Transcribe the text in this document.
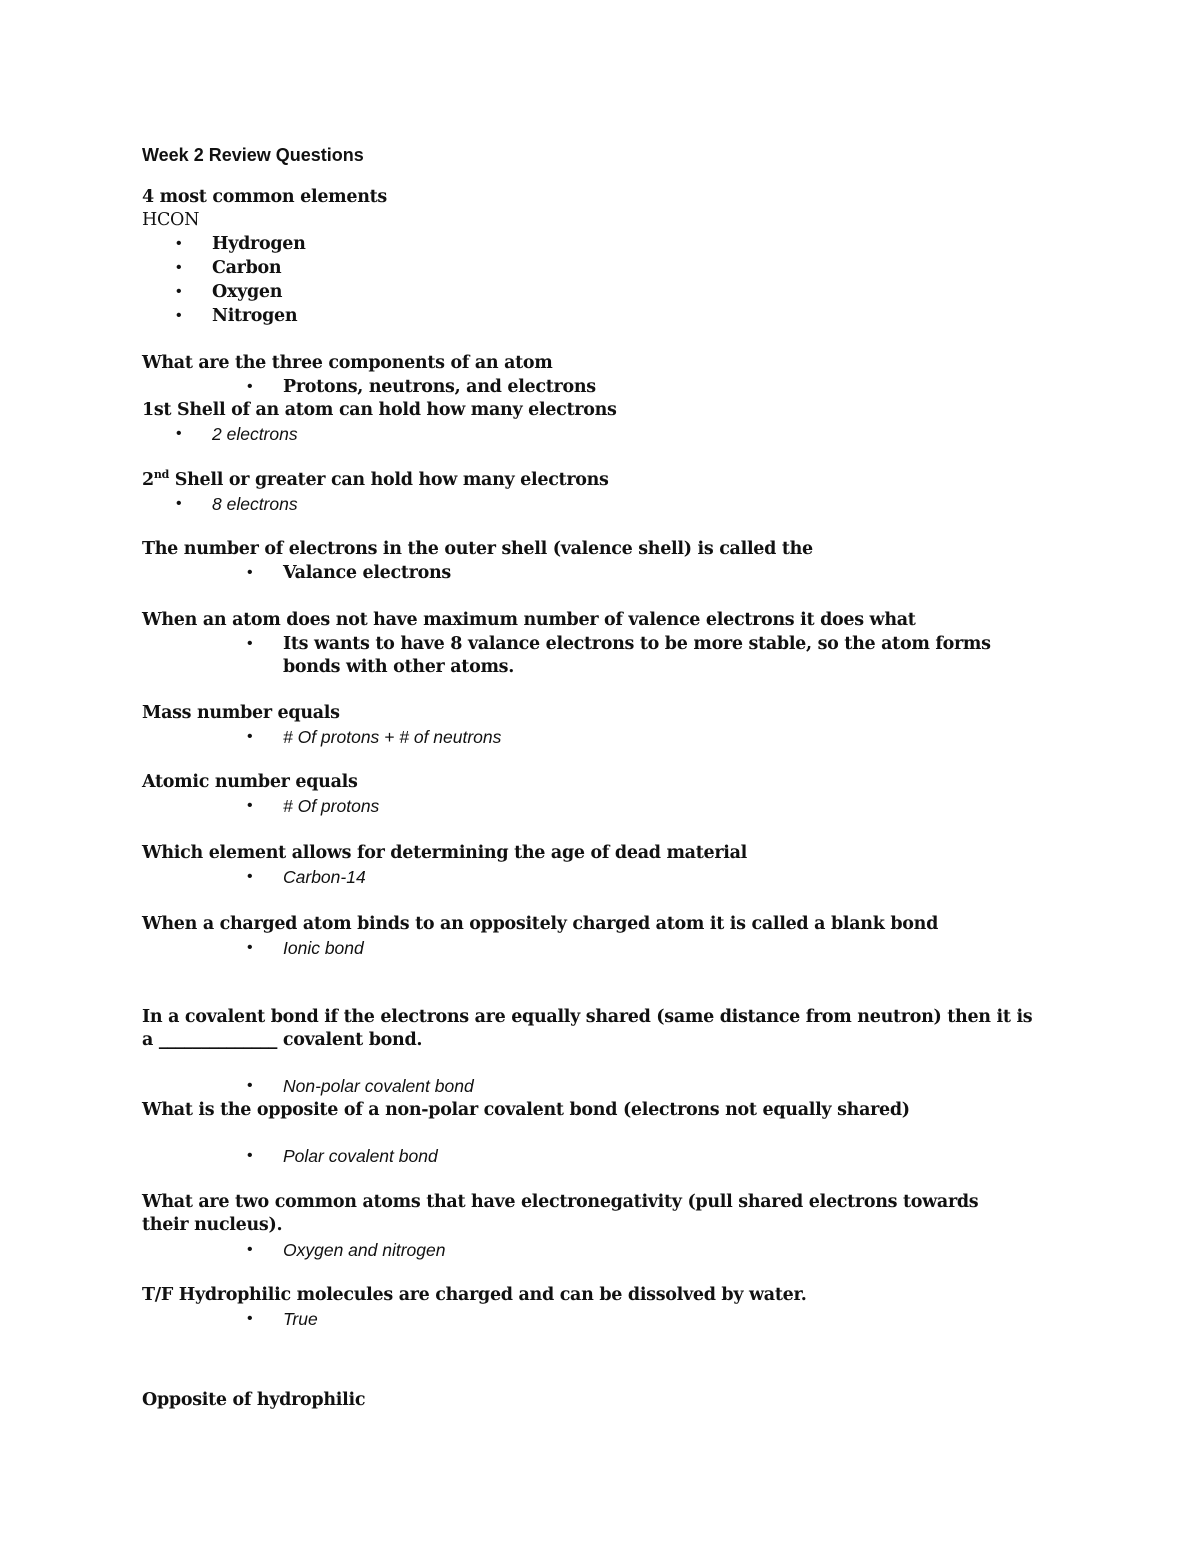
Week 2 Review Questions
4 most common elements
HCON
• Hydrogen
• Carbon
• Oxygen
• Nitrogen
What are the three components of an atom
• Protons, neutrons, and electrons
1st Shell of an atom can hold how many electrons
• 2 electrons
2nd Shell or greater can hold how many electrons
• 8 electrons
The number of electrons in the outer shell (valence shell) is called the
• Valance electrons
When an atom does not have maximum number of valence electrons it does what
• Its wants to have 8 valance electrons to be more stable, so the atom forms bonds with other atoms.
Mass number equals
• # Of protons + # of neutrons
Atomic number equals
• # Of protons
Which element allows for determining the age of dead material
• Carbon-14
When a charged atom binds to an oppositely charged atom it is called a blank bond
• Ionic bond
In a covalent bond if the electrons are equally shared (same distance from neutron) then it is a ______________ covalent bond.
• Non-polar covalent bond
What is the opposite of a non-polar covalent bond (electrons not equally shared)
• Polar covalent bond
What are two common atoms that have electronegativity (pull shared electrons towards their nucleus).
• Oxygen and nitrogen
T/F Hydrophilic molecules are charged and can be dissolved by water.
• True
Opposite of hydrophilic
